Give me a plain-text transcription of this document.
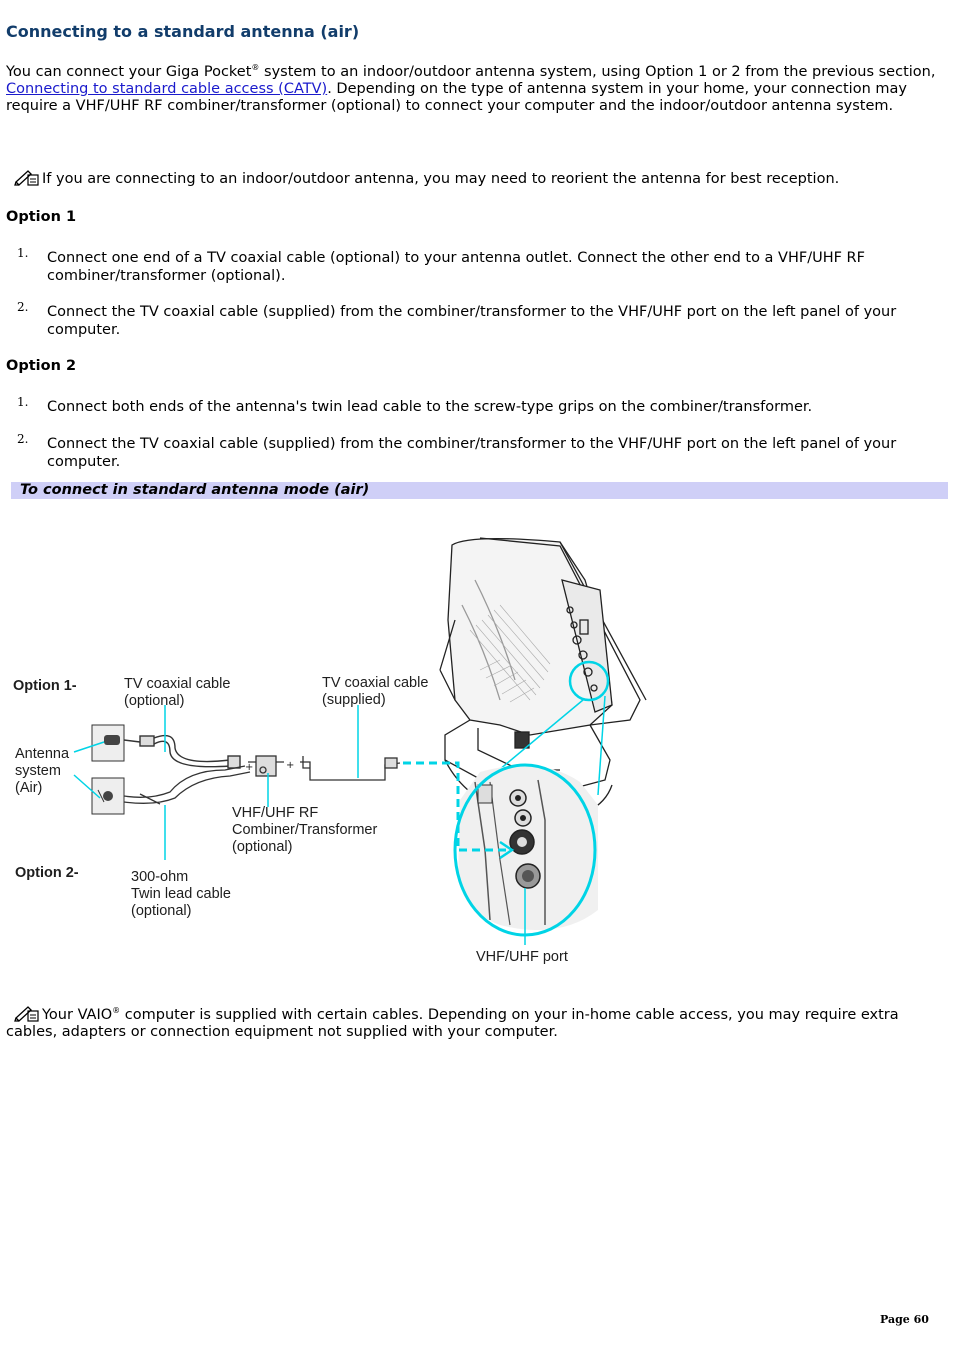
Connecting to a standard antenna (air)

You can connect your Giga Pocket® system to an indoor/outdoor antenna system, using Option 1 or 2 from the previous section, Connecting to standard cable access (CATV). Depending on the type of antenna system in your home, your connection may require a VHF/UHF RF combiner/transformer (optional) to connect your computer and the indoor/outdoor antenna system.

If you are connecting to an indoor/outdoor antenna, you may need to reorient the antenna for best reception.

Option 1
1. Connect one end of a TV coaxial cable (optional) to your antenna outlet. Connect the other end to a VHF/UHF RF combiner/transformer (optional).
2. Connect the TV coaxial cable (supplied) from the combiner/transformer to the VHF/UHF port on the left panel of your computer.
Option 2
1. Connect both ends of the antenna's twin lead cable to the screw-type grips on the combiner/transformer.
2. Connect the TV coaxial cable (supplied) from the combiner/transformer to the VHF/UHF port on the left panel of your computer.
To connect in standard antenna mode (air)
+	+
Option 1-
Option 2-
TV coaxial cable
(optional)
TV coaxial cable
(supplied)
Antenna
system
(Air)
VHF/UHF RF
Combiner/Transformer
(optional)
300-ohm
Twin lead cable
(optional)
VHF/UHF port

Your VAIO® computer is supplied with certain cables. Depending on your in-home cable access, you may require extra cables, adapters or connection equipment not supplied with your computer.

Page 60
